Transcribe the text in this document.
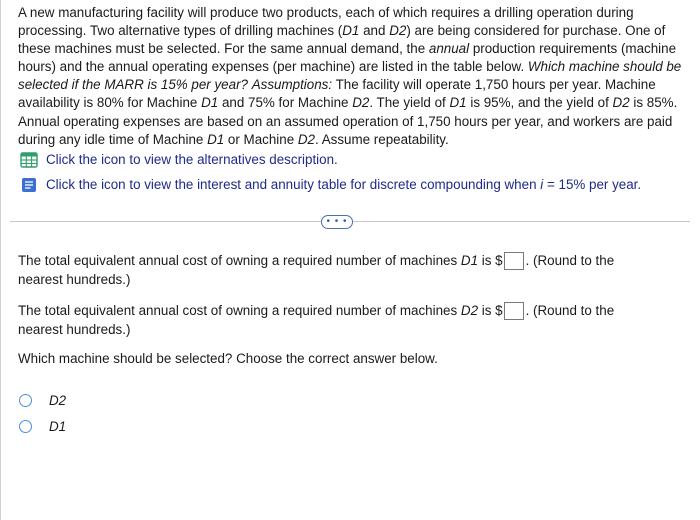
A new manufacturing facility will produce two products, each of which requires a drilling operation during processing. Two alternative types of drilling machines (D1 and D2) are being considered for purchase. One of these machines must be selected. For the same annual demand, the annual production requirements (machine hours) and the annual operating expenses (per machine) are listed in the table below. Which machine should be selected if the MARR is 15% per year? Assumptions: The facility will operate 1,750 hours per year. Machine availability is 80% for Machine D1 and 75% for Machine D2. The yield of D1 is 95%, and the yield of D2 is 85%. Annual operating expenses are based on an assumed operation of 1,750 hours per year, and workers are paid during any idle time of Machine D1 or Machine D2. Assume repeatability.

Click the icon to view the alternatives description.
Click the icon to view the interest and annuity table for discrete compounding when i = 15% per year.
• • •
The total equivalent annual cost of owning a required number of machines D1 is $ . (Round to the nearest hundreds.)
The total equivalent annual cost of owning a required number of machines D2 is $ . (Round to the nearest hundreds.)
Which machine should be selected? Choose the correct answer below.
D2
D1
